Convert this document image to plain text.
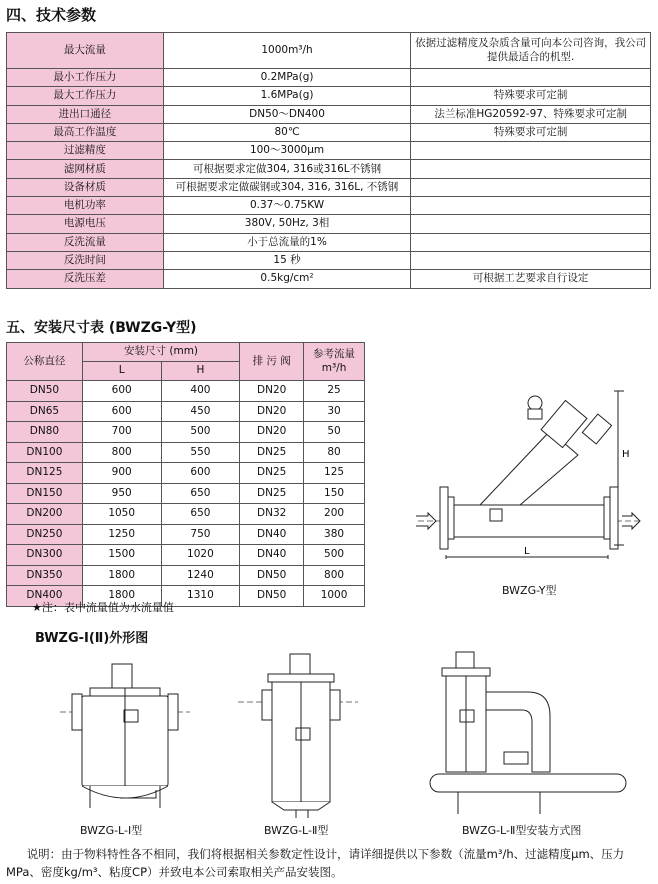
四、技术参数
最大流量	1000m³/h	依据过滤精度及杂质含量可向本公司咨询，我公司提供最适合的机型.
最小工作压力	0.2MPa(g)	
最大工作压力	1.6MPa(g)	特殊要求可定制
进出口通径	DN50～DN400	法兰标准HG20592-97、特殊要求可定制
最高工作温度	80℃	特殊要求可定制
过滤精度	100～3000μm	
滤网材质	可根据要求定做304, 316或316L不锈钢	
设备材质	可根据要求定做碳钢或304, 316, 316L, 不锈钢	
电机功率	0.37～0.75KW	
电源电压	380V, 50Hz, 3相	
反洗流量	小于总流量的1%	
反洗时间	15 秒	
反洗压差	0.5kg/cm²	可根据工艺要求自行设定
五、安装尺寸表 (BWZG-Y型)
公称直径	安装尺寸 (mm)		排 污 阀	参考流量m³/h
	L	H		
DN50	600	400	DN20	25
DN65	600	450	DN20	30
DN80	700	500	DN20	50
DN100	800	550	DN25	80
DN125	900	600	DN25	125
DN150	950	650	DN25	150
DN200	1050	650	DN32	200
DN250	1250	750	DN40	380
DN300	1500	1020	DN40	500
DN350	1800	1240	DN50	800
DN400	1800	1310	DN50	1000
★注：表中流量值为水流量值
L
H
BWZG-Y型
BWZG-Ⅰ(Ⅱ)外形图
BWZG-L-Ⅰ型	BWZG-L-Ⅱ型	BWZG-L-Ⅱ型安装方式图
说明：由于物料特性各不相同，我们将根据相关参数定性设计，请详细提供以下参数（流量m³/h、过滤精度μm、压力MPa、密度kg/m³、粘度CP）并致电本公司索取相关产品安装图。
